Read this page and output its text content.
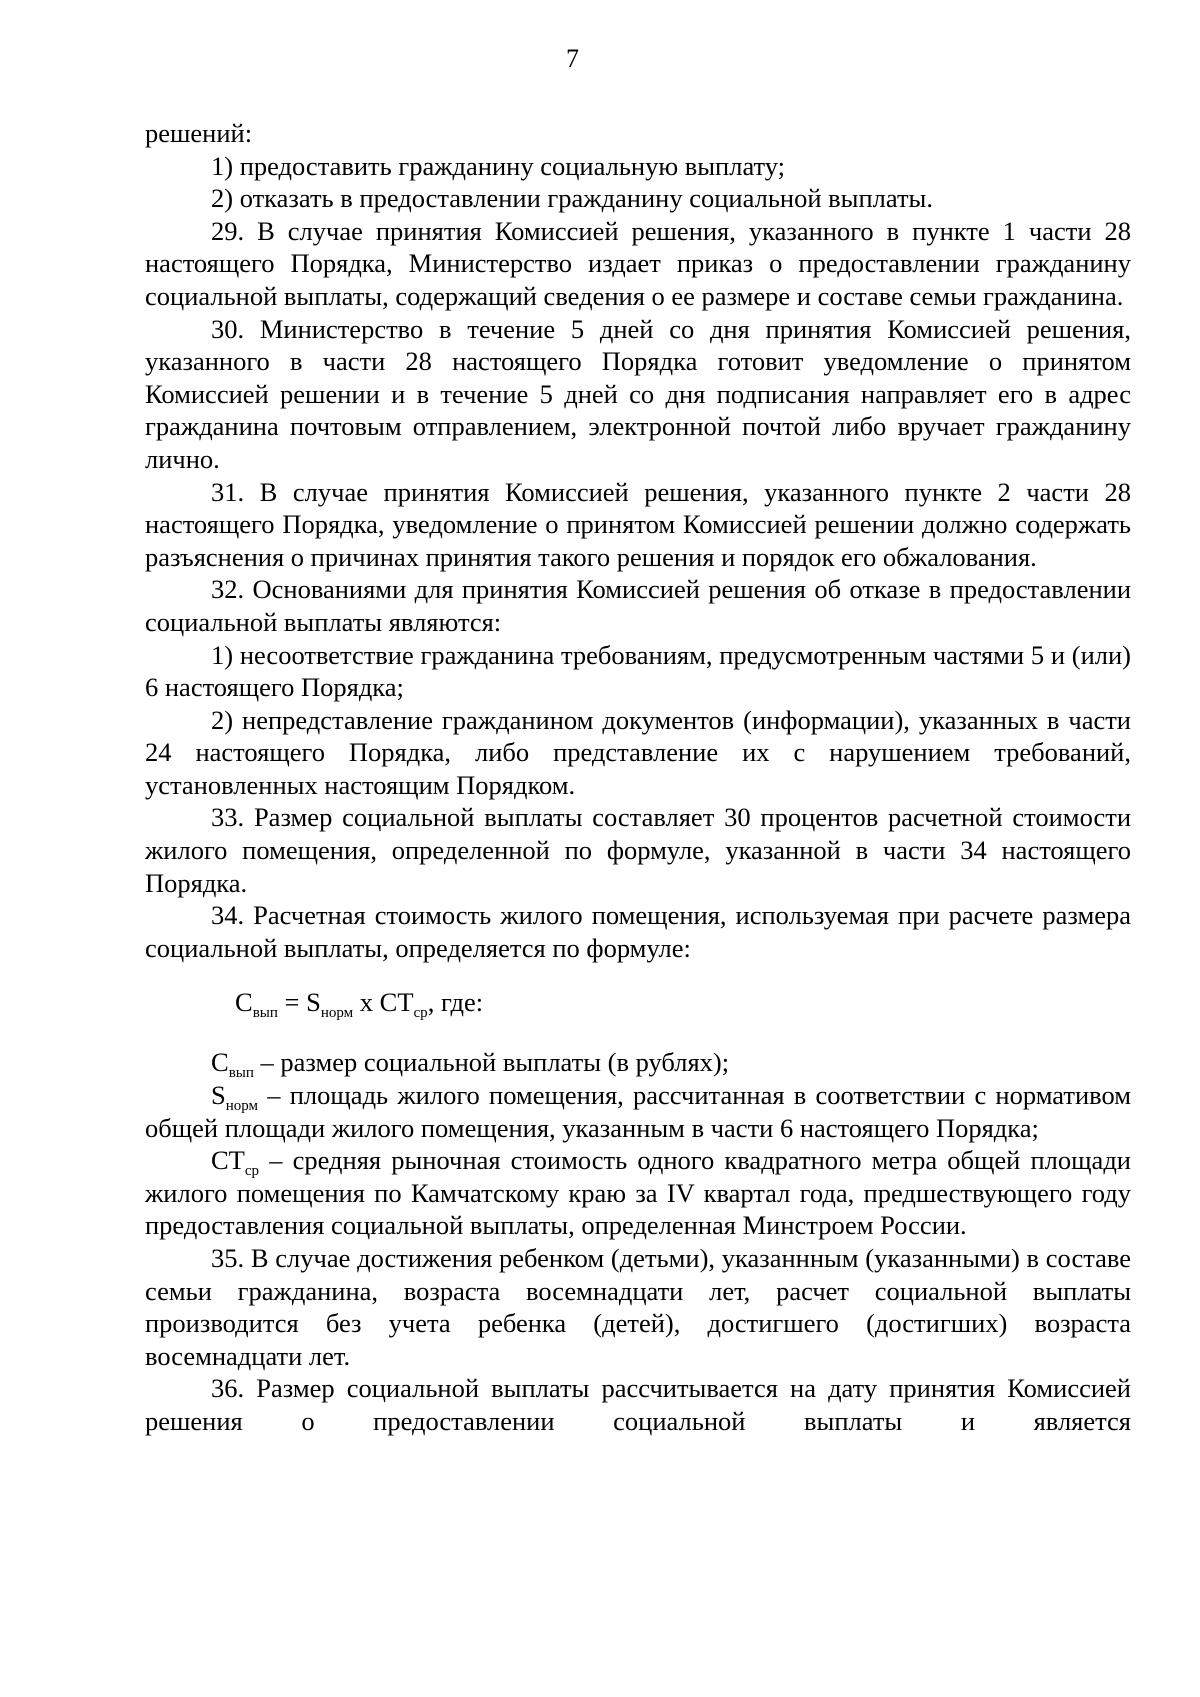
7

решений:

1) предоставить гражданину социальную выплату;

2) отказать в предоставлении гражданину социальной выплаты.

29. В случае принятия Комиссией решения, указанного в пункте 1 части 28 настоящего Порядка, Министерство издает приказ о предоставлении гражданину социальной выплаты, содержащий сведения о ее размере и составе семьи гражданина.

30. Министерство в течение 5 дней со дня принятия Комиссией решения, указанного в части 28 настоящего Порядка готовит уведомление о принятом Комиссией решении и в течение 5 дней со дня подписания направляет его в адрес гражданина почтовым отправлением, электронной почтой либо вручает гражданину лично.

31. В случае принятия Комиссией решения, указанного пункте 2 части 28 настоящего Порядка, уведомление о принятом Комиссией решении должно содержать разъяснения о причинах принятия такого решения и порядок его обжалования.

32. Основаниями для принятия Комиссией решения об отказе в предоставлении социальной выплаты являются:

1) несоответствие гражданина требованиям, предусмотренным частями 5 и (или) 6 настоящего Порядка;

2) непредставление гражданином документов (информации), указанных в части 24 настоящего Порядка, либо представление их с нарушением требований, установленных настоящим Порядком.

33. Размер социальной выплаты составляет 30 процентов расчетной стоимости жилого помещения, определенной по формуле, указанной в части 34 настоящего Порядка.

34. Расчетная стоимость жилого помещения, используемая при расчете размера социальной выплаты, определяется по формуле:

$С_{вып} = S_{норм}$ х $СТ_{ср}$, где:

$С_{вып}$ – размер социальной выплаты (в рублях);

$S_{норм}$ – площадь жилого помещения, рассчитанная в соответствии с нормативом общей площади жилого помещения, указанным в части 6 настоящего Порядка;

$СТ_{ср}$ – средняя рыночная стоимость одного квадратного метра общей площади жилого помещения по Камчатскому краю за IV квартал года, предшествующего году предоставления социальной выплаты, определенная Минстроем России.

35. В случае достижения ребенком (детьми), указаннным (указанными) в составе семьи гражданина, возраста восемнадцати лет, расчет социальной выплаты производится без учета ребенка (детей), достигшего (достигших) возраста восемнадцати лет.

36. Размер социальной выплаты рассчитывается на дату принятия Комиссией решения о предоставлении социальной выплаты и является
